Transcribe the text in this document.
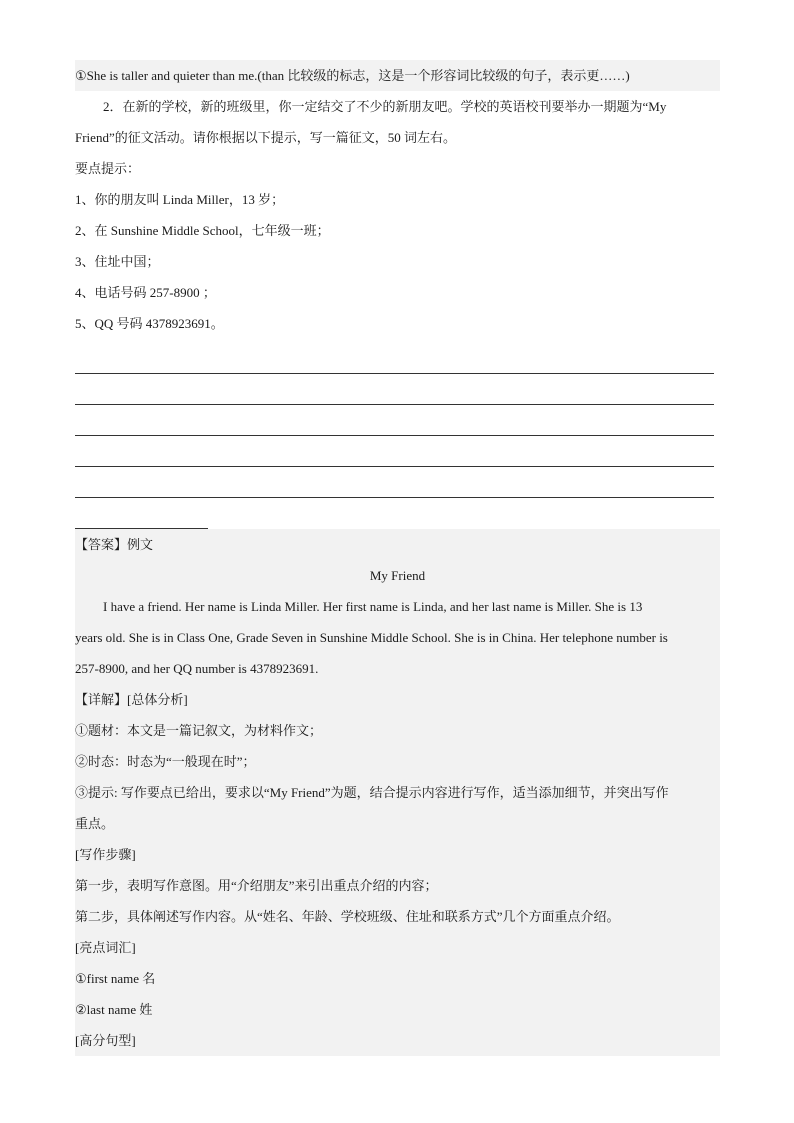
①She is taller and quieter than me.(than 比较级的标志，这是一个形容词比较级的句子，表示更……)
2．在新的学校，新的班级里，你一定结交了不少的新朋友吧。学校的英语校刊要举办一期题为“My
Friend”的征文活动。请你根据以下提示，写一篇征文，50 词左右。
要点提示：
1、你的朋友叫 Linda Miller，13 岁；
2、在 Sunshine Middle School，七年级一班；
3、住址中国；
4、电话号码 257-8900 ；
5、QQ 号码 4378923691。
【答案】例文
My Friend
I have a friend. Her name is Linda Miller. Her first name is Linda, and her last name is Miller. She is 13
years old. She is in Class One, Grade Seven in Sunshine Middle School. She is in China. Her telephone number is
257-8900, and her QQ number is 4378923691.
【详解】[总体分析]
①题材：本文是一篇记叙文，为材料作文；
②时态：时态为“一般现在时”；
③提示: 写作要点已给出，要求以“My Friend”为题，结合提示内容进行写作，适当添加细节，并突出写作
重点。
[写作步骤]
第一步，表明写作意图。用“介绍朋友”来引出重点介绍的内容；
第二步，具体阐述写作内容。从“姓名、年龄、学校班级、住址和联系方式”几个方面重点介绍。
[亮点词汇]
①first name 名
②last name 姓
[高分句型]
